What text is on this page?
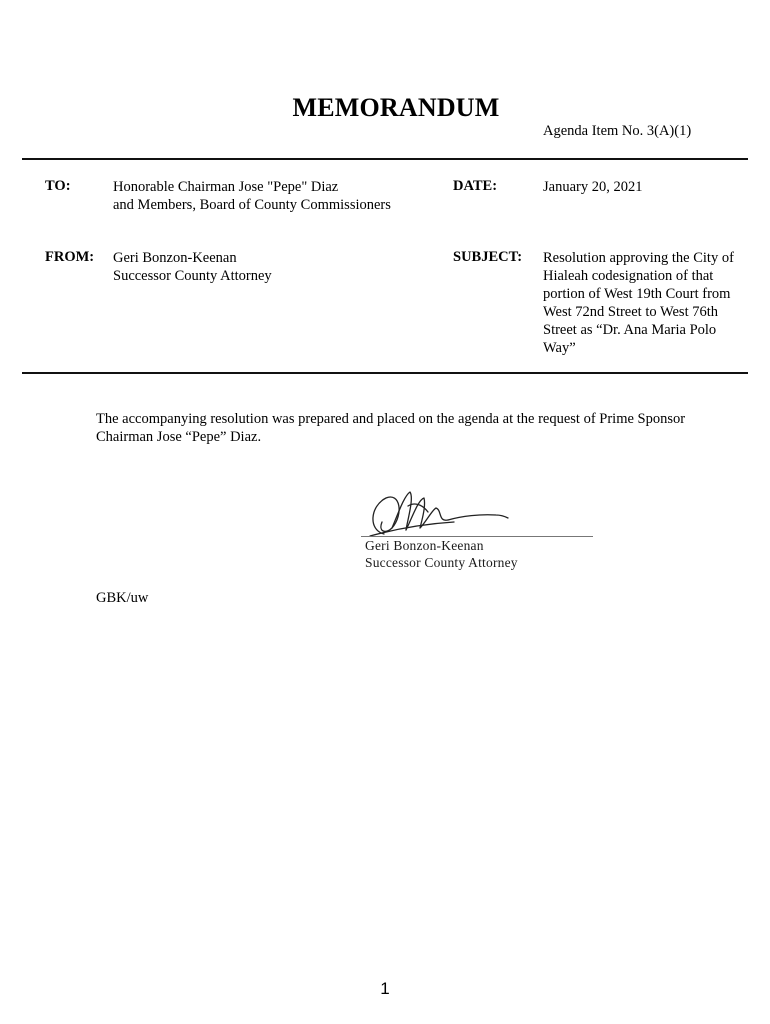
MEMORANDUM
Agenda Item No. 3(A)(1)
TO:	Honorable Chairman Jose "Pepe" Diaz
and Members, Board of County Commissioners
DATE:	January 20, 2021
FROM: Geri Bonzon-Keenan
Successor County Attorney
SUBJECT: Resolution approving the City of
Hialeah codesignation of that
portion of West 19th Court from
West 72nd Street to West 76th
Street as “Dr. Ana Maria Polo
Way”
The accompanying resolution was prepared and placed on the agenda at the request of Prime Sponsor
Chairman Jose “Pepe” Diaz.
Geri Bonzon-Keenan
Successor County Attorney
GBK/uw
1
